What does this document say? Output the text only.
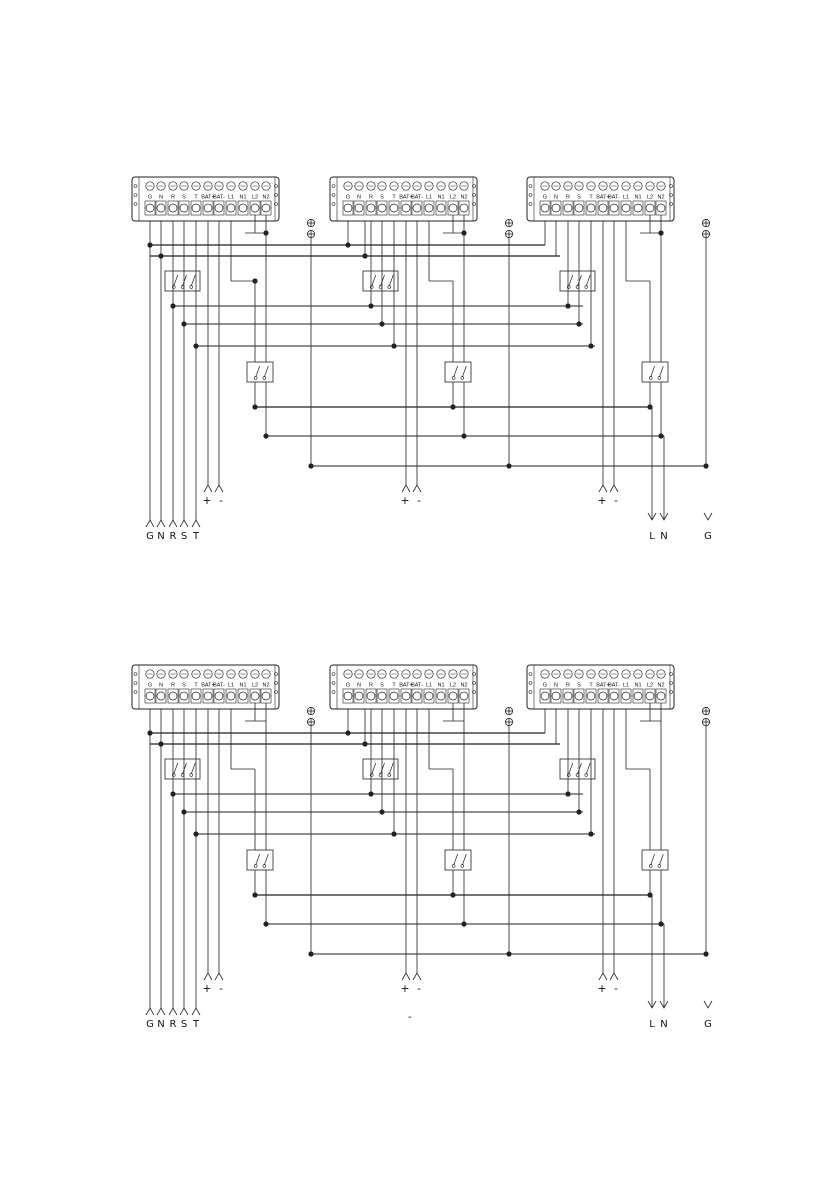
G N R S T BAT+
BAT- L1 N1 L2 N2	G N R S T BAT+
BAT- L1 N1 L2 N2	G N R S T BAT+
BAT- L1 N1 L2 N2
+ -	+ -	+ -
G N R S T	L N	G
G N R S T BAT+
BAT- L1 N1 L2 N2	G N R S T BAT+
BAT- L1 N1 L2 N2	G N R S T BAT+
BAT- L1 N1 L2 N2
+ -	+ -	+ -
G N R S T	L N	G
-
